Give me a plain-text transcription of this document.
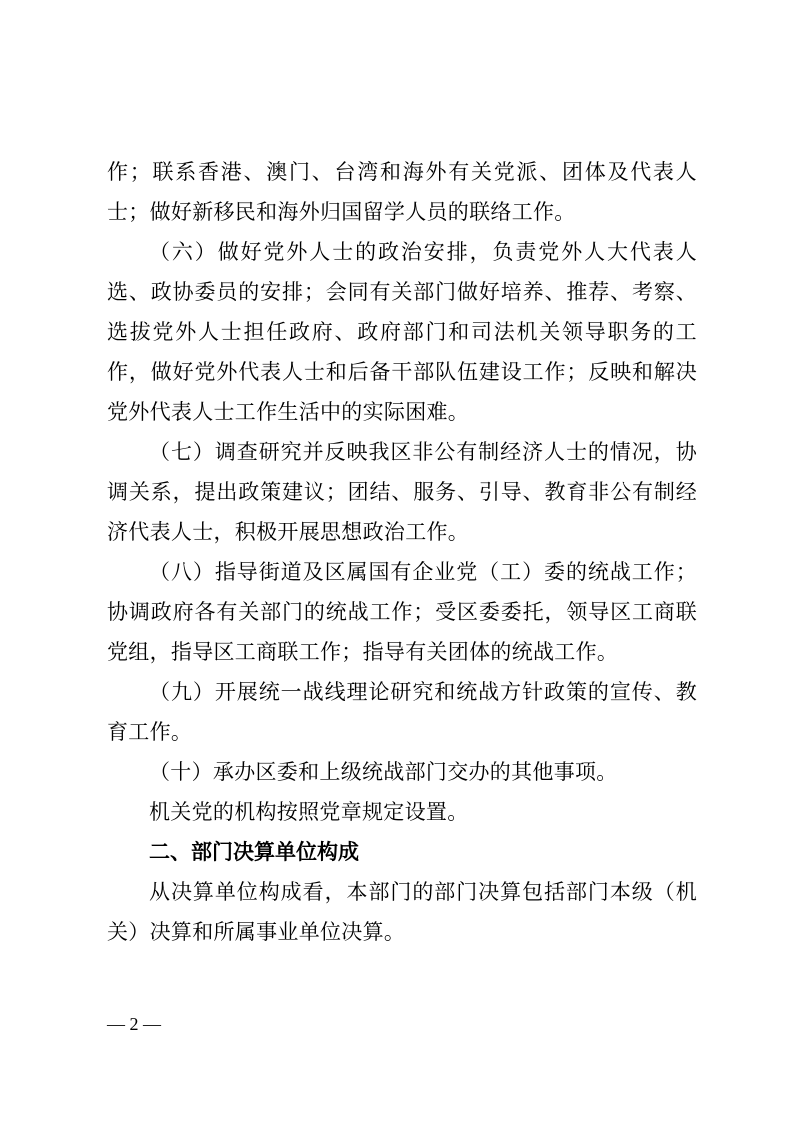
作；联系香港、澳门、台湾和海外有关党派、团体及代表人士；做好新移民和海外归国留学人员的联络工作。

（六）做好党外人士的政治安排，负责党外人大代表人选、政协委员的安排；会同有关部门做好培养、推荐、考察、选拔党外人士担任政府、政府部门和司法机关领导职务的工作，做好党外代表人士和后备干部队伍建设工作；反映和解决党外代表人士工作生活中的实际困难。

（七）调查研究并反映我区非公有制经济人士的情况，协调关系，提出政策建议；团结、服务、引导、教育非公有制经济代表人士，积极开展思想政治工作。

（八）指导街道及区属国有企业党（工）委的统战工作；协调政府各有关部门的统战工作；受区委委托，领导区工商联党组，指导区工商联工作；指导有关团体的统战工作。

（九）开展统一战线理论研究和统战方针政策的宣传、教育工作。

（十）承办区委和上级统战部门交办的其他事项。

机关党的机构按照党章规定设置。

二、部门决算单位构成

从决算单位构成看，本部门的部门决算包括部门本级（机关）决算和所属事业单位决算。

— 2 —
